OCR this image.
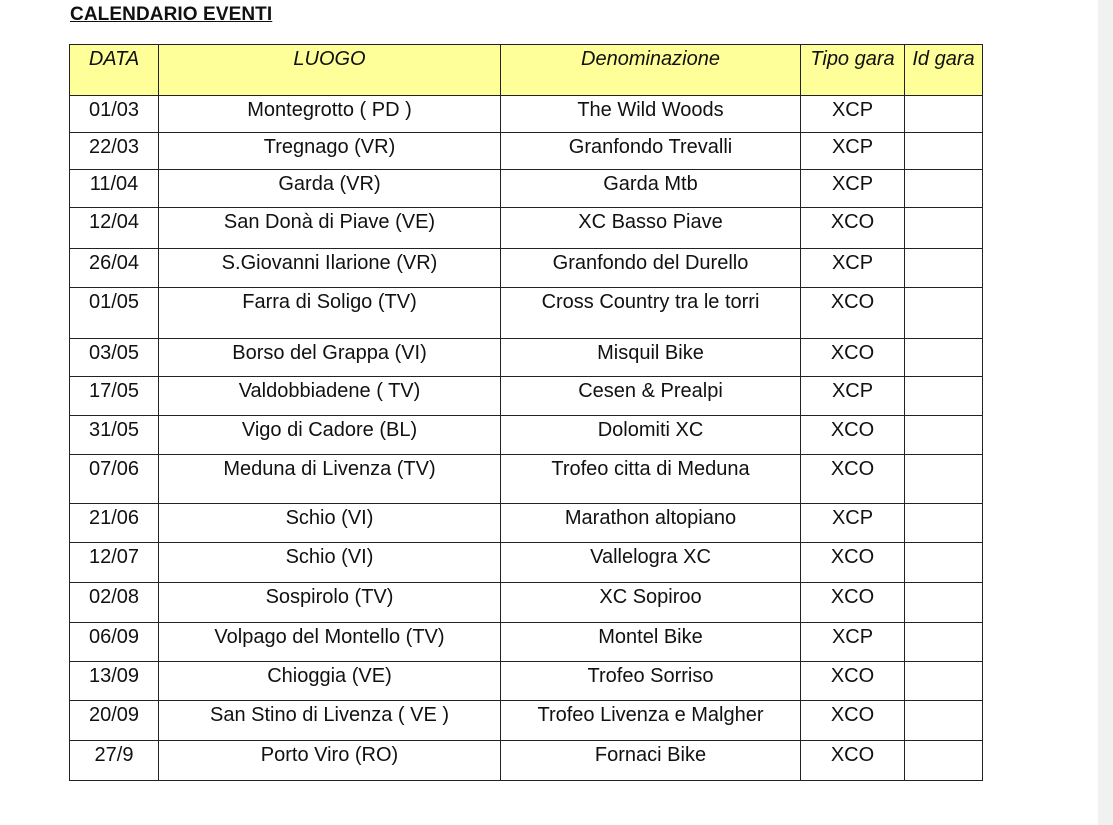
CALENDARIO EVENTI
DATA	LUOGO	Denominazione	Tipo gara	Id gara
01/03	Montegrotto ( PD )	The Wild Woods	XCP	
22/03	Tregnago (VR)	Granfondo Trevalli	XCP	
11/04	Garda (VR)	Garda Mtb	XCP	
12/04	San Donà di Piave (VE)	XC Basso Piave	XCO	
26/04	S.Giovanni Ilarione (VR)	Granfondo del Durello	XCP	
01/05	Farra di Soligo (TV)	Cross Country tra le torri	XCO	
03/05	Borso del Grappa (VI)	Misquil Bike	XCO	
17/05	Valdobbiadene ( TV)	Cesen & Prealpi	XCP	
31/05	Vigo di Cadore (BL)	Dolomiti XC	XCO	
07/06	Meduna di Livenza (TV)	Trofeo citta di Meduna	XCO	
21/06	Schio (VI)	Marathon altopiano	XCP	
12/07	Schio (VI)	Vallelogra XC	XCO	
02/08	Sospirolo (TV)	XC Sopiroo	XCO	
06/09	Volpago del Montello (TV)	Montel Bike	XCP	
13/09	Chioggia (VE)	Trofeo Sorriso	XCO	
20/09	San Stino di Livenza ( VE )	Trofeo Livenza e Malgher	XCO	
27/9	Porto Viro (RO)	Fornaci Bike	XCO	
